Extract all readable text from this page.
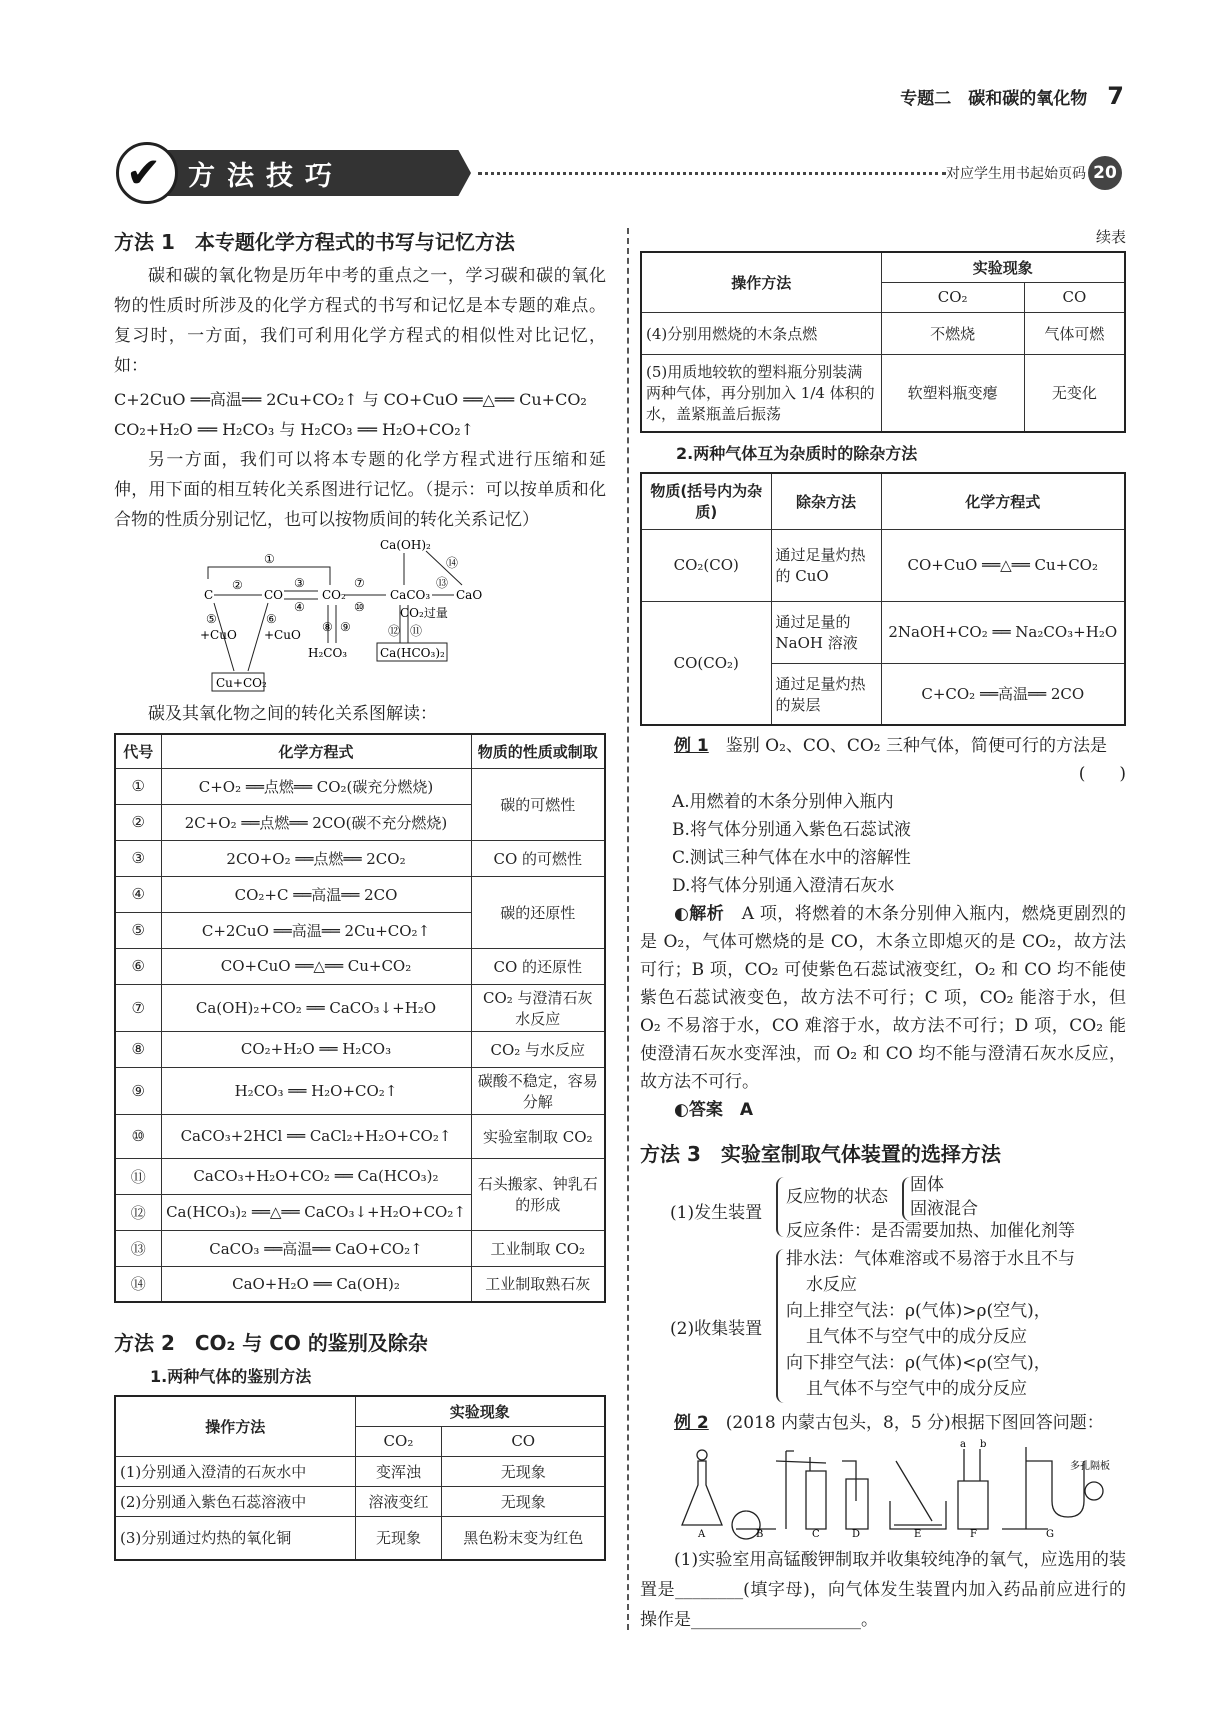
专题二　碳和碳的氧化物 7
✔ 方法技巧	对应学生用书起始页码 20
方法 1　本专题化学方程式的书写与记忆方法

碳和碳的氧化物是历年中考的重点之一，学习碳和碳的氧化物的性质时所涉及的化学方程式的书写和记忆是本专题的难点。复习时，一方面，我们可利用化学方程式的相似性对比记忆，如：

C+2CuO ══高温══ 2Cu+CO₂↑ 与 CO+CuO ══△══ Cu+CO₂
CO₂+H₂O ══ H₂CO₃ 与 H₂CO₃ ══ H₂O+CO₂↑

另一方面，我们可以将本专题的化学方程式进行压缩和延伸，用下面的相互转化关系图进行记忆。（提示：可以按单质和化合物的性质分别记忆，也可以按物质间的转化关系记忆）

C	CO	CO₂	CaCO₃ CaO
Ca(OH)₂
H₂CO₃	Ca(HCO₃)₂
Cu+CO₂
+CuO +CuO
CO₂过量
①
②	③
④
⑤	⑥
⑦
⑧ ⑨
⑩
⑪
⑫
⑬
⑭

碳及其氧化物之间的转化关系图解读：

代号	化学方程式	物质的性质或制取
①	C+O₂ ══点燃══ CO₂(碳充分燃烧)	碳的可燃性
②	2C+O₂ ══点燃══ 2CO(碳不充分燃烧)	
③	2CO+O₂ ══点燃══ 2CO₂	CO 的可燃性
④	CO₂+C ══高温══ 2CO	碳的还原性
⑤	C+2CuO ══高温══ 2Cu+CO₂↑	
⑥	CO+CuO ══△══ Cu+CO₂	CO 的还原性
⑦	Ca(OH)₂+CO₂ ══ CaCO₃↓+H₂O	CO₂ 与澄清石灰水反应
⑧	CO₂+H₂O ══ H₂CO₃	CO₂ 与水反应
⑨	H₂CO₃ ══ H₂O+CO₂↑	碳酸不稳定，容易分解
⑩	CaCO₃+2HCl ══ CaCl₂+H₂O+CO₂↑	实验室制取 CO₂
⑪	CaCO₃+H₂O+CO₂ ══ Ca(HCO₃)₂	石头搬家、钟乳石的形成
⑫	Ca(HCO₃)₂ ══△══ CaCO₃↓+H₂O+CO₂↑	
⑬	CaCO₃ ══高温══ CaO+CO₂↑	工业制取 CO₂
⑭	CaO+H₂O ══ Ca(OH)₂	工业制取熟石灰
方法 2　CO₂ 与 CO 的鉴别及除杂
1.两种气体的鉴别方法
操作方法	实验现象	
	CO₂	CO
(1)分别通入澄清的石灰水中	变浑浊	无现象
(2)分别通入紫色石蕊溶液中	溶液变红	无现象
(3)分别通过灼热的氧化铜	无现象	黑色粉末变为红色
续表
操作方法	实验现象	
	CO₂	CO
(4)分别用燃烧的木条点燃	不燃烧	气体可燃
(5)用质地较软的塑料瓶分别装满两种气体，再分别加入 1/4 体积的水，盖紧瓶盖后振荡	软塑料瓶变瘪	无变化
2.两种气体互为杂质时的除杂方法
物质(括号内为杂质)	除杂方法	化学方程式
CO₂(CO)	通过足量灼热的 CuO	CO+CuO ══△══ Cu+CO₂
CO(CO₂)	通过足量的 NaOH 溶液	2NaOH+CO₂ ══ Na₂CO₃+H₂O
	通过足量灼热的炭层	C+CO₂ ══高温══ 2CO
例 1　 鉴别 O₂、CO、CO₂ 三种气体，简便可行的方法是
(　　)
A.用燃着的木条分别伸入瓶内
B.将气体分别通入紫色石蕊试液
C.测试三种气体在水中的溶解性
D.将气体分别通入澄清石灰水

◐解析　 A 项，将燃着的木条分别伸入瓶内，燃烧更剧烈的是 O₂，气体可燃烧的是 CO，木条立即熄灭的是 CO₂，故方法可行；B 项，CO₂ 可使紫色石蕊试液变红，O₂ 和 CO 均不能使紫色石蕊试液变色，故方法不可行；C 项，CO₂ 能溶于水，但 O₂ 不易溶于水，CO 难溶于水，故方法不可行；D 项，CO₂ 能使澄清石灰水变浑浊，而 O₂ 和 CO 均不能与澄清石灰水反应，故方法不可行。

◐答案　 A

方法 3　实验室制取气体装置的选择方法
(1)发生装置
反应物的状态
固体
固液混合
反应条件：是否需要加热、加催化剂等
(2)收集装置
排水法：气体难溶或不易溶于水且不与
水反应
向上排空气法：ρ(气体)>ρ(空气)，
且气体不与空气中的成分反应
向下排空气法：ρ(气体)<ρ(空气)，
且气体不与空气中的成分反应
例 2　 (2018 内蒙古包头，8，5 分)根据下图回答问题：
A	B	C	D	E	F	G
a b
多孔隔板

(1)实验室用高锰酸钾制取并收集较纯净的氧气，应选用的装置是________(填字母)，向气体发生装置内加入药品前应进行的操作是____________________。
